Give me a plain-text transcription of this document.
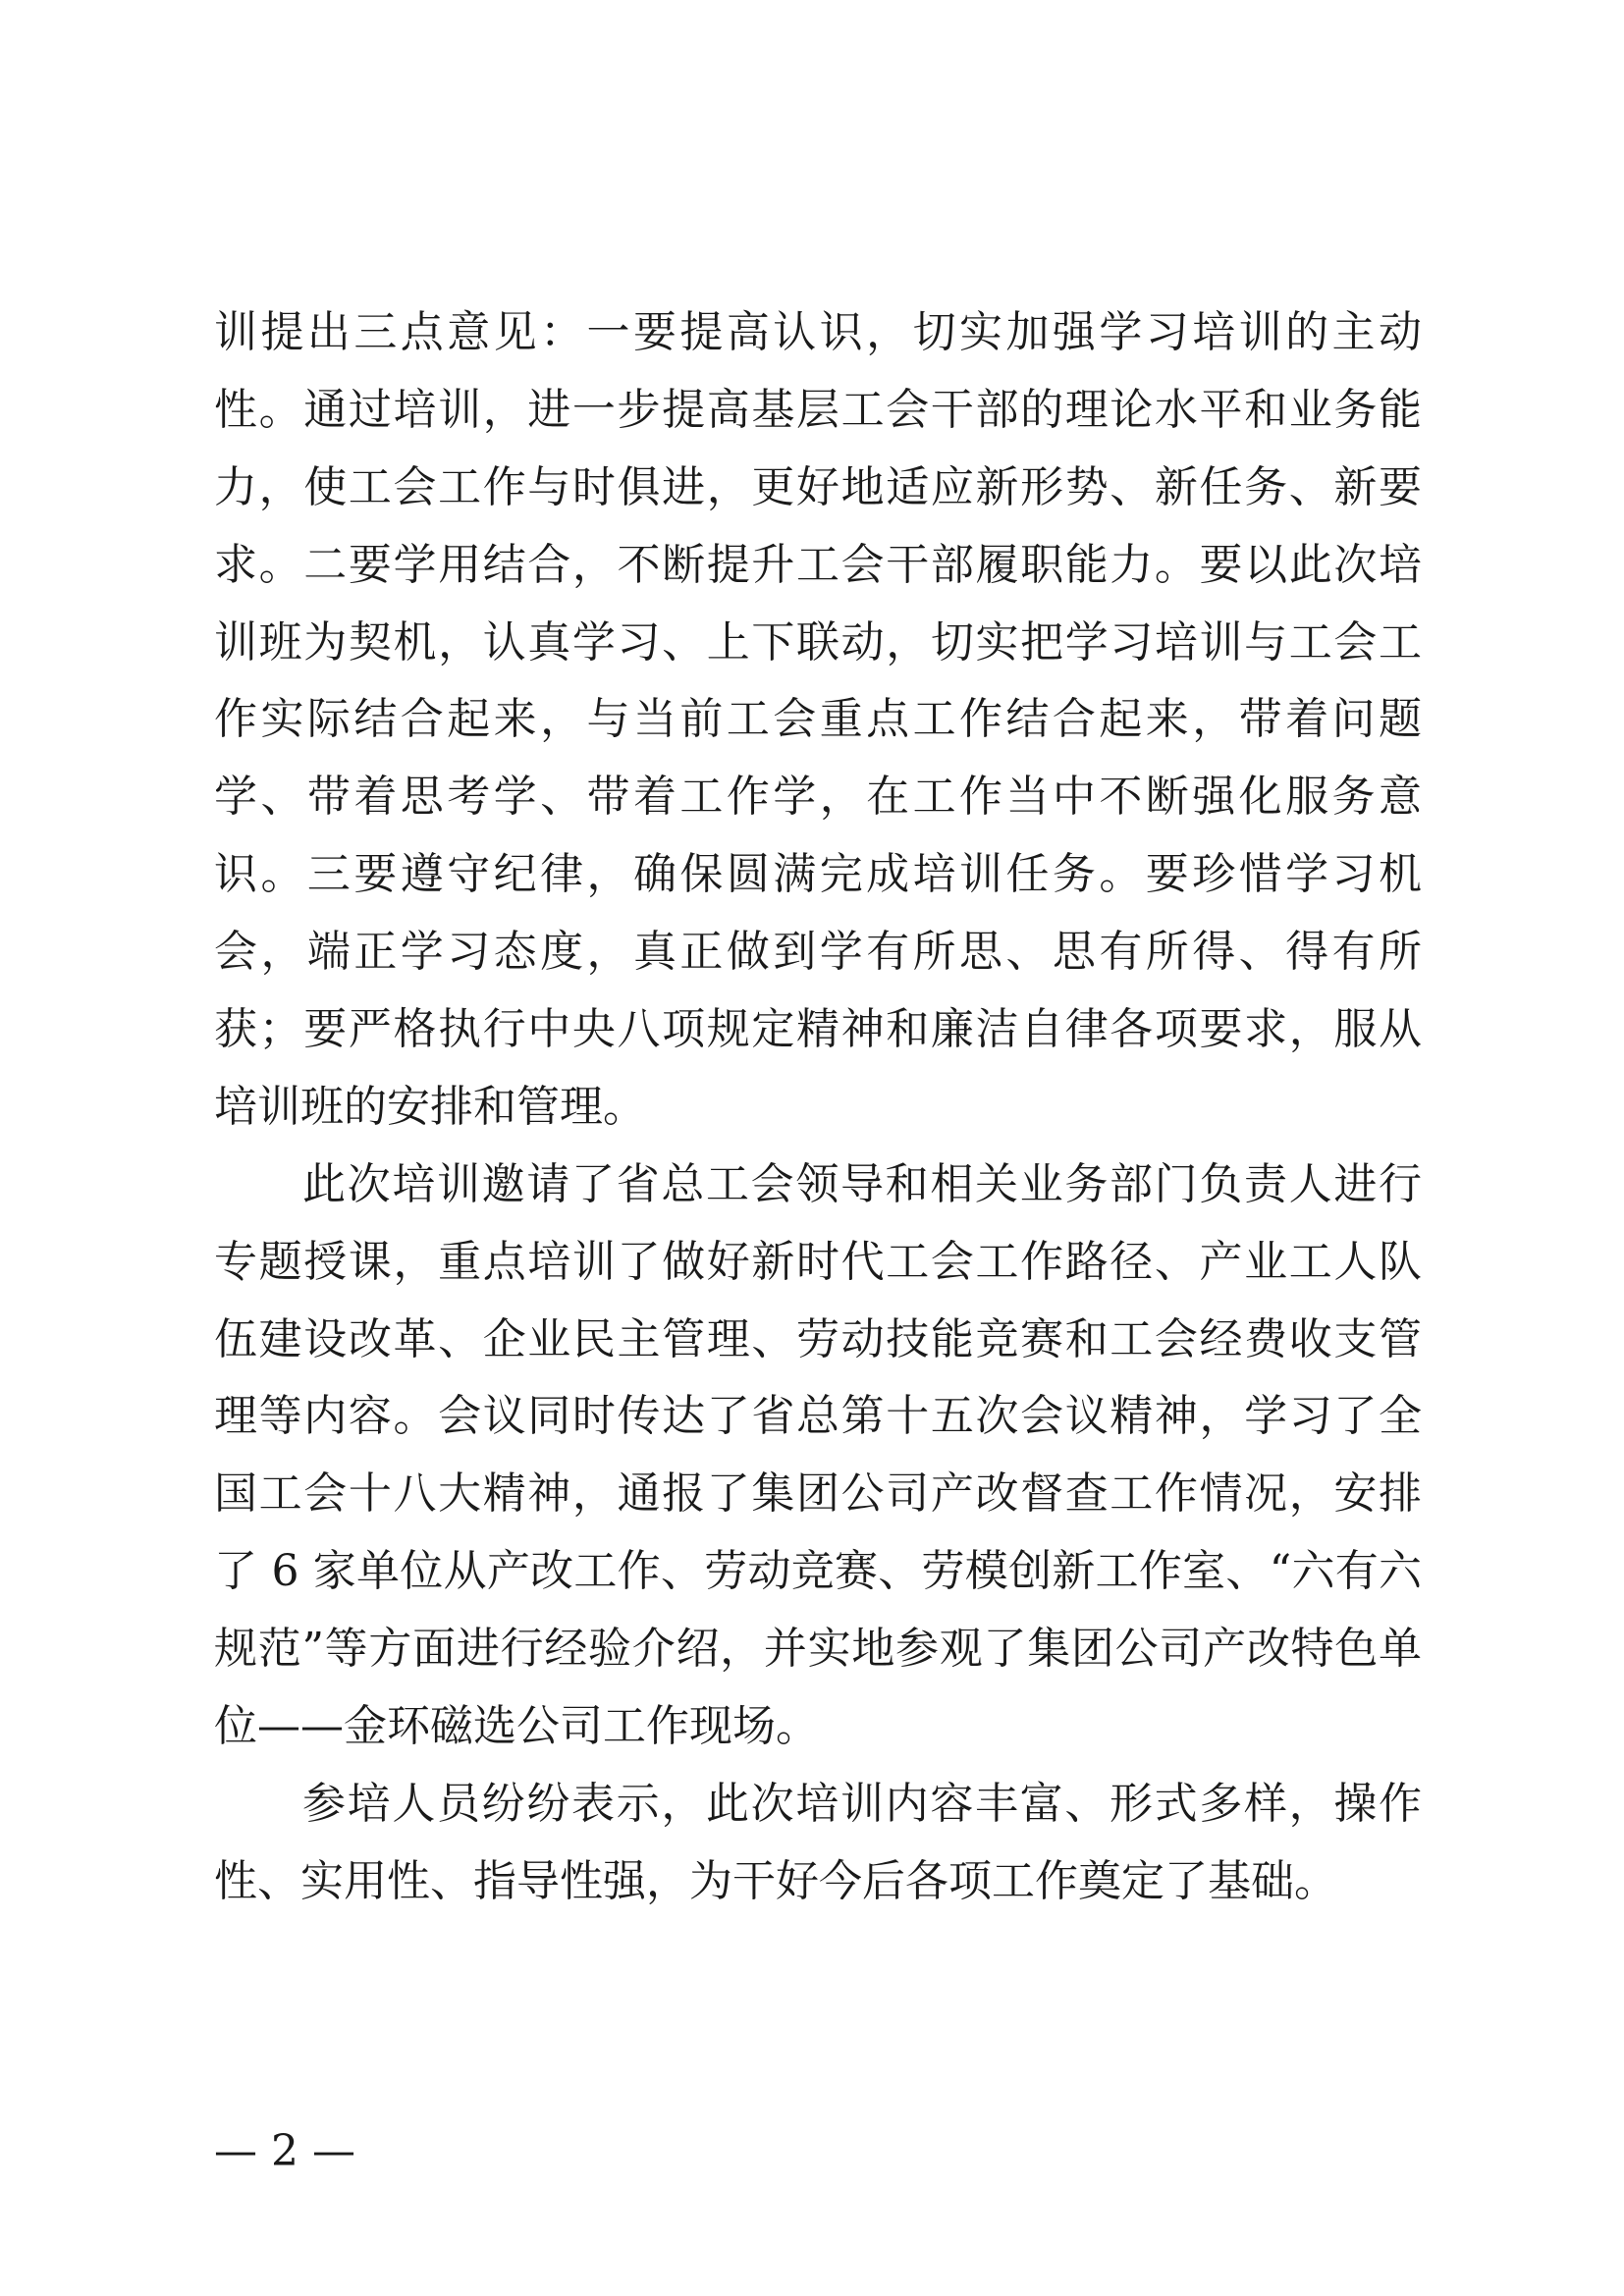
训提出三点意见：一要提高认识，切实加强学习培训的主动
性。通过培训，进一步提高基层工会干部的理论水平和业务能
力，使工会工作与时俱进，更好地适应新形势、新任务、新要
求。二要学用结合，不断提升工会干部履职能力。要以此次培
训班为契机，认真学习、上下联动，切实把学习培训与工会工
作实际结合起来，与当前工会重点工作结合起来，带着问题
学、带着思考学、带着工作学，在工作当中不断强化服务意
识。三要遵守纪律，确保圆满完成培训任务。要珍惜学习机
会，端正学习态度，真正做到学有所思、思有所得、得有所
获；要严格执行中央八项规定精神和廉洁自律各项要求，服从
培训班的安排和管理。
此次培训邀请了省总工会领导和相关业务部门负责人进行
专题授课，重点培训了做好新时代工会工作路径、产业工人队
伍建设改革、企业民主管理、劳动技能竞赛和工会经费收支管
理等内容。会议同时传达了省总第十五次会议精神，学习了全
国工会十八大精神，通报了集团公司产改督查工作情况，安排
了 6 家单位从产改工作、劳动竞赛、劳模创新工作室、“六有六
规范”等方面进行经验介绍，并实地参观了集团公司产改特色单
位——金环磁选公司工作现场。
参培人员纷纷表示，此次培训内容丰富、形式多样，操作
性、实用性、指导性强，为干好今后各项工作奠定了基础。
— 2 —
